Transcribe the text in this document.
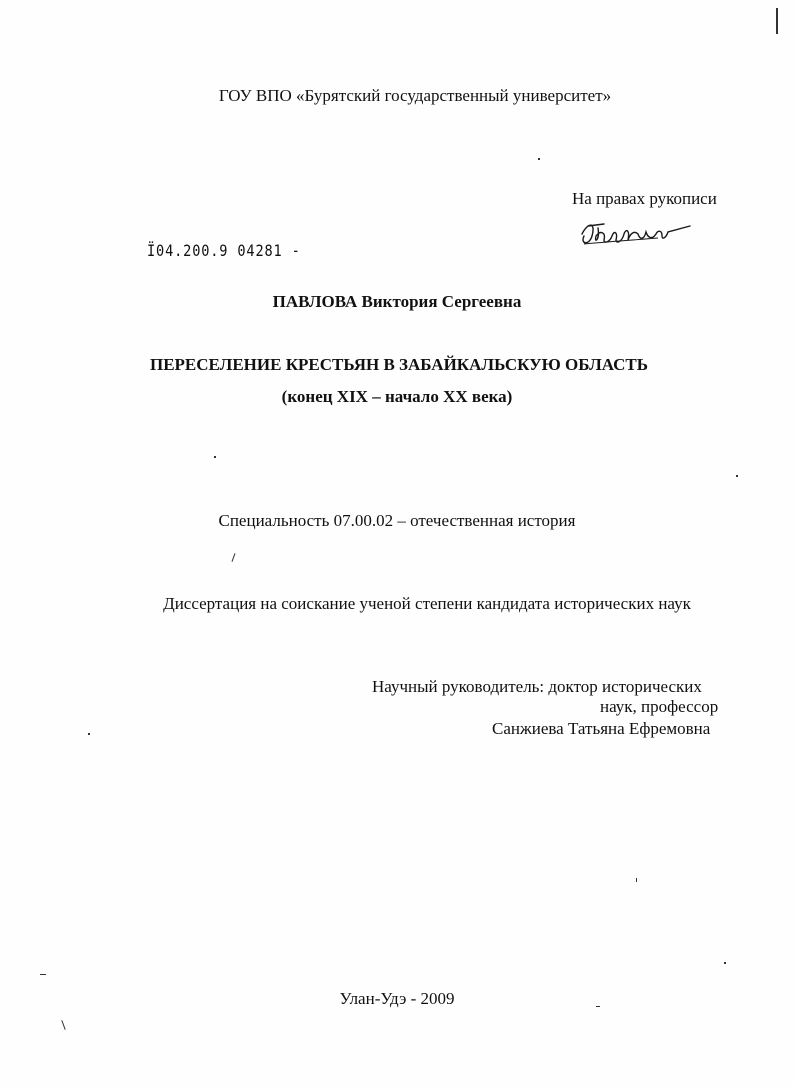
ГОУ ВПО «Бурятский государственный университет»
На правах рукописи
Ї04.200.9 04281 -
ПАВЛОВА Виктория Сергеевна
ПЕРЕСЕЛЕНИЕ КРЕСТЬЯН В ЗАБАЙКАЛЬСКУЮ ОБЛАСТЬ
(конец XIX – начало XX века)
Специальность 07.00.02 – отечественная история
Диссертация на соискание ученой степени кандидата исторических наук
Научный руководитель: доктор исторических
наук, профессор
Санжиева Татьяна Ефремовна
Улан-Удэ - 2009
